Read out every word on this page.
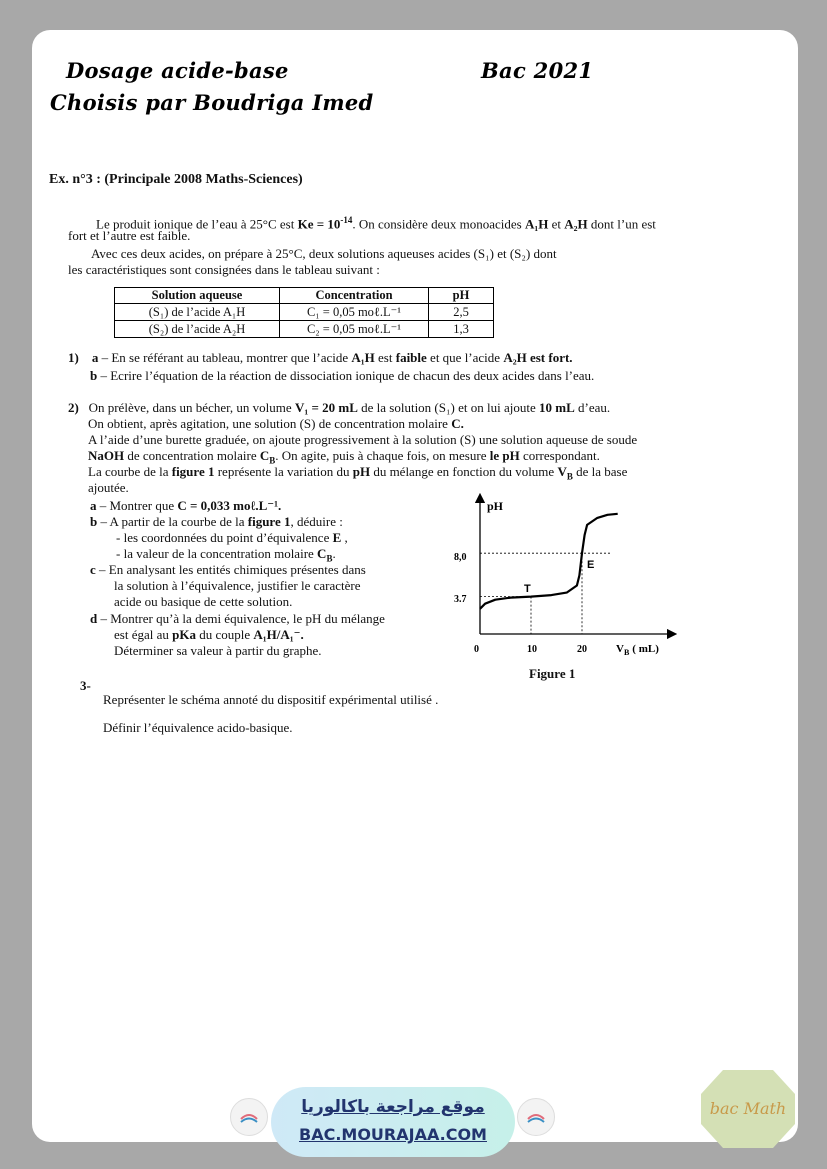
Dosage acide-base	Bac 2021
Choisis par Boudriga Imed
Ex. n°3 : (Principale 2008 Maths-Sciences)
Le produit ionique de l’eau à 25°C est $Ke = 10^{-14}$. On considère deux monoacides A₁H et A₂H dont l’un est
fort et l’autre est faible.
Avec ces deux acides, on prépare à 25°C, deux solutions aqueuses acides (S₁) et (S₂) dont
les caractéristiques sont consignées dans le tableau suivant :
Solution aqueuse	Concentration	pH
(S₁) de l’acide A₁H	C₁ = 0,05 moℓ.L⁻¹	2,5
(S₂) de l’acide A₂H	C₂ = 0,05 moℓ.L⁻¹	1,3
1) a – En se référant au tableau, montrer que l’acide A₁H est faible et que l’acide A₂H est fort.
b – Ecrire l’équation de la réaction de dissociation ionique de chacun des deux acides dans l’eau.
2) On prélève, dans un bécher, un volume V₁ = 20 mL de la solution (S₁) et on lui ajoute 10 mL d’eau.
On obtient, après agitation, une solution (S) de concentration molaire C.
A l’aide d’une burette graduée, on ajoute progressivement à la solution (S) une solution aqueuse de soude
NaOH de concentration molaire $C_B$. On agite, puis à chaque fois, on mesure le pH correspondant.
La courbe de la figure 1 représente la variation du pH du mélange en fonction du volume $V_B$ de la base
ajoutée.
a – Montrer que C = 0,033 moℓ.L⁻¹.
b – A partir de la courbe de la figure 1, déduire :
- les coordonnées du point d’équivalence E ,
- la valeur de la concentration molaire $C_B$.
c – En analysant les entités chimiques présentes dans
la solution à l’équivalence, justifier le caractère
acide ou basique de cette solution.
d – Montrer qu’à la demi équivalence, le pH du mélange
est égal au pKa du couple A₁H/A₁⁻.
Déterminer sa valeur à partir du graphe.
pH
$V_B$ ( mL)
8,0
3.7
0	10	20
T
E
Figure 1
3-
Représenter le schéma annoté du dispositif expérimental utilisé .
Définir l’équivalence acido-basique.
موقع مراجعة باكالوريا
BAC.MOURAJAA.COM
bac Math
